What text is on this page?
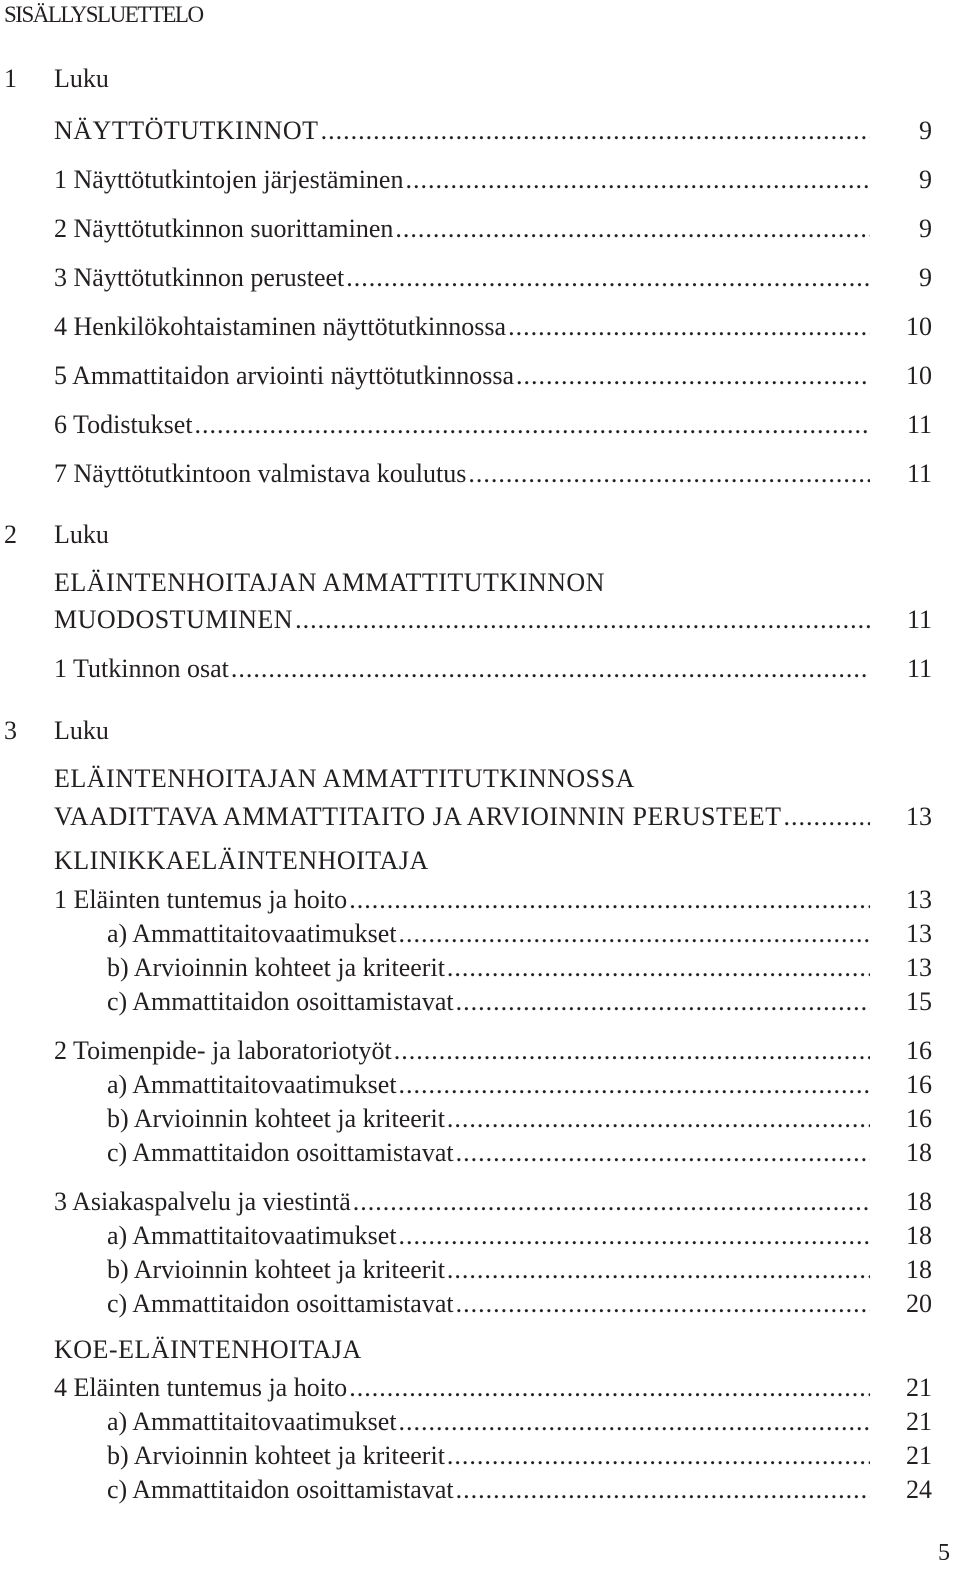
SISÄLLYSLUETTELO
1 Luku
NÄYTTÖTUTKINNOT .....	9
1 Näyttötutkintojen järjestäminen .....	9
2 Näyttötutkinnon suorittaminen .....	9
3 Näyttötutkinnon perusteet .....	9
4 Henkilökohtaistaminen näyttötutkinnossa .....	10
5 Ammattitaidon arviointi näyttötutkinnossa .....	10
6 Todistukset .....	11
7 Näyttötutkintoon valmistava koulutus .....	11
2 Luku
ELÄINTENHOITAJAN AMMATTITUTKINNON
MUODOSTUMINEN .....	11
1 Tutkinnon osat .....	11
3 Luku
ELÄINTENHOITAJAN AMMATTITUTKINNOSSA
VAADITTAVA AMMATTITAITO JA ARVIOINNIN PERUSTEET .....	13
KLINIKKAELÄINTENHOITAJA
1 Eläinten tuntemus ja hoito .....	13
a) Ammattitaitovaatimukset .....	13
b) Arvioinnin kohteet ja kriteerit .....	13
c) Ammattitaidon osoittamistavat .....	15
2 Toimenpide- ja laboratoriotyöt .....	16
a) Ammattitaitovaatimukset .....	16
b) Arvioinnin kohteet ja kriteerit .....	16
c) Ammattitaidon osoittamistavat .....	18
3 Asiakaspalvelu ja viestintä .....	18
a) Ammattitaitovaatimukset .....	18
b) Arvioinnin kohteet ja kriteerit .....	18
c) Ammattitaidon osoittamistavat .....	20
KOE-ELÄINTENHOITAJA
4 Eläinten tuntemus ja hoito .....	21
a) Ammattitaitovaatimukset .....	21
b) Arvioinnin kohteet ja kriteerit .....	21
c) Ammattitaidon osoittamistavat .....	24
5
